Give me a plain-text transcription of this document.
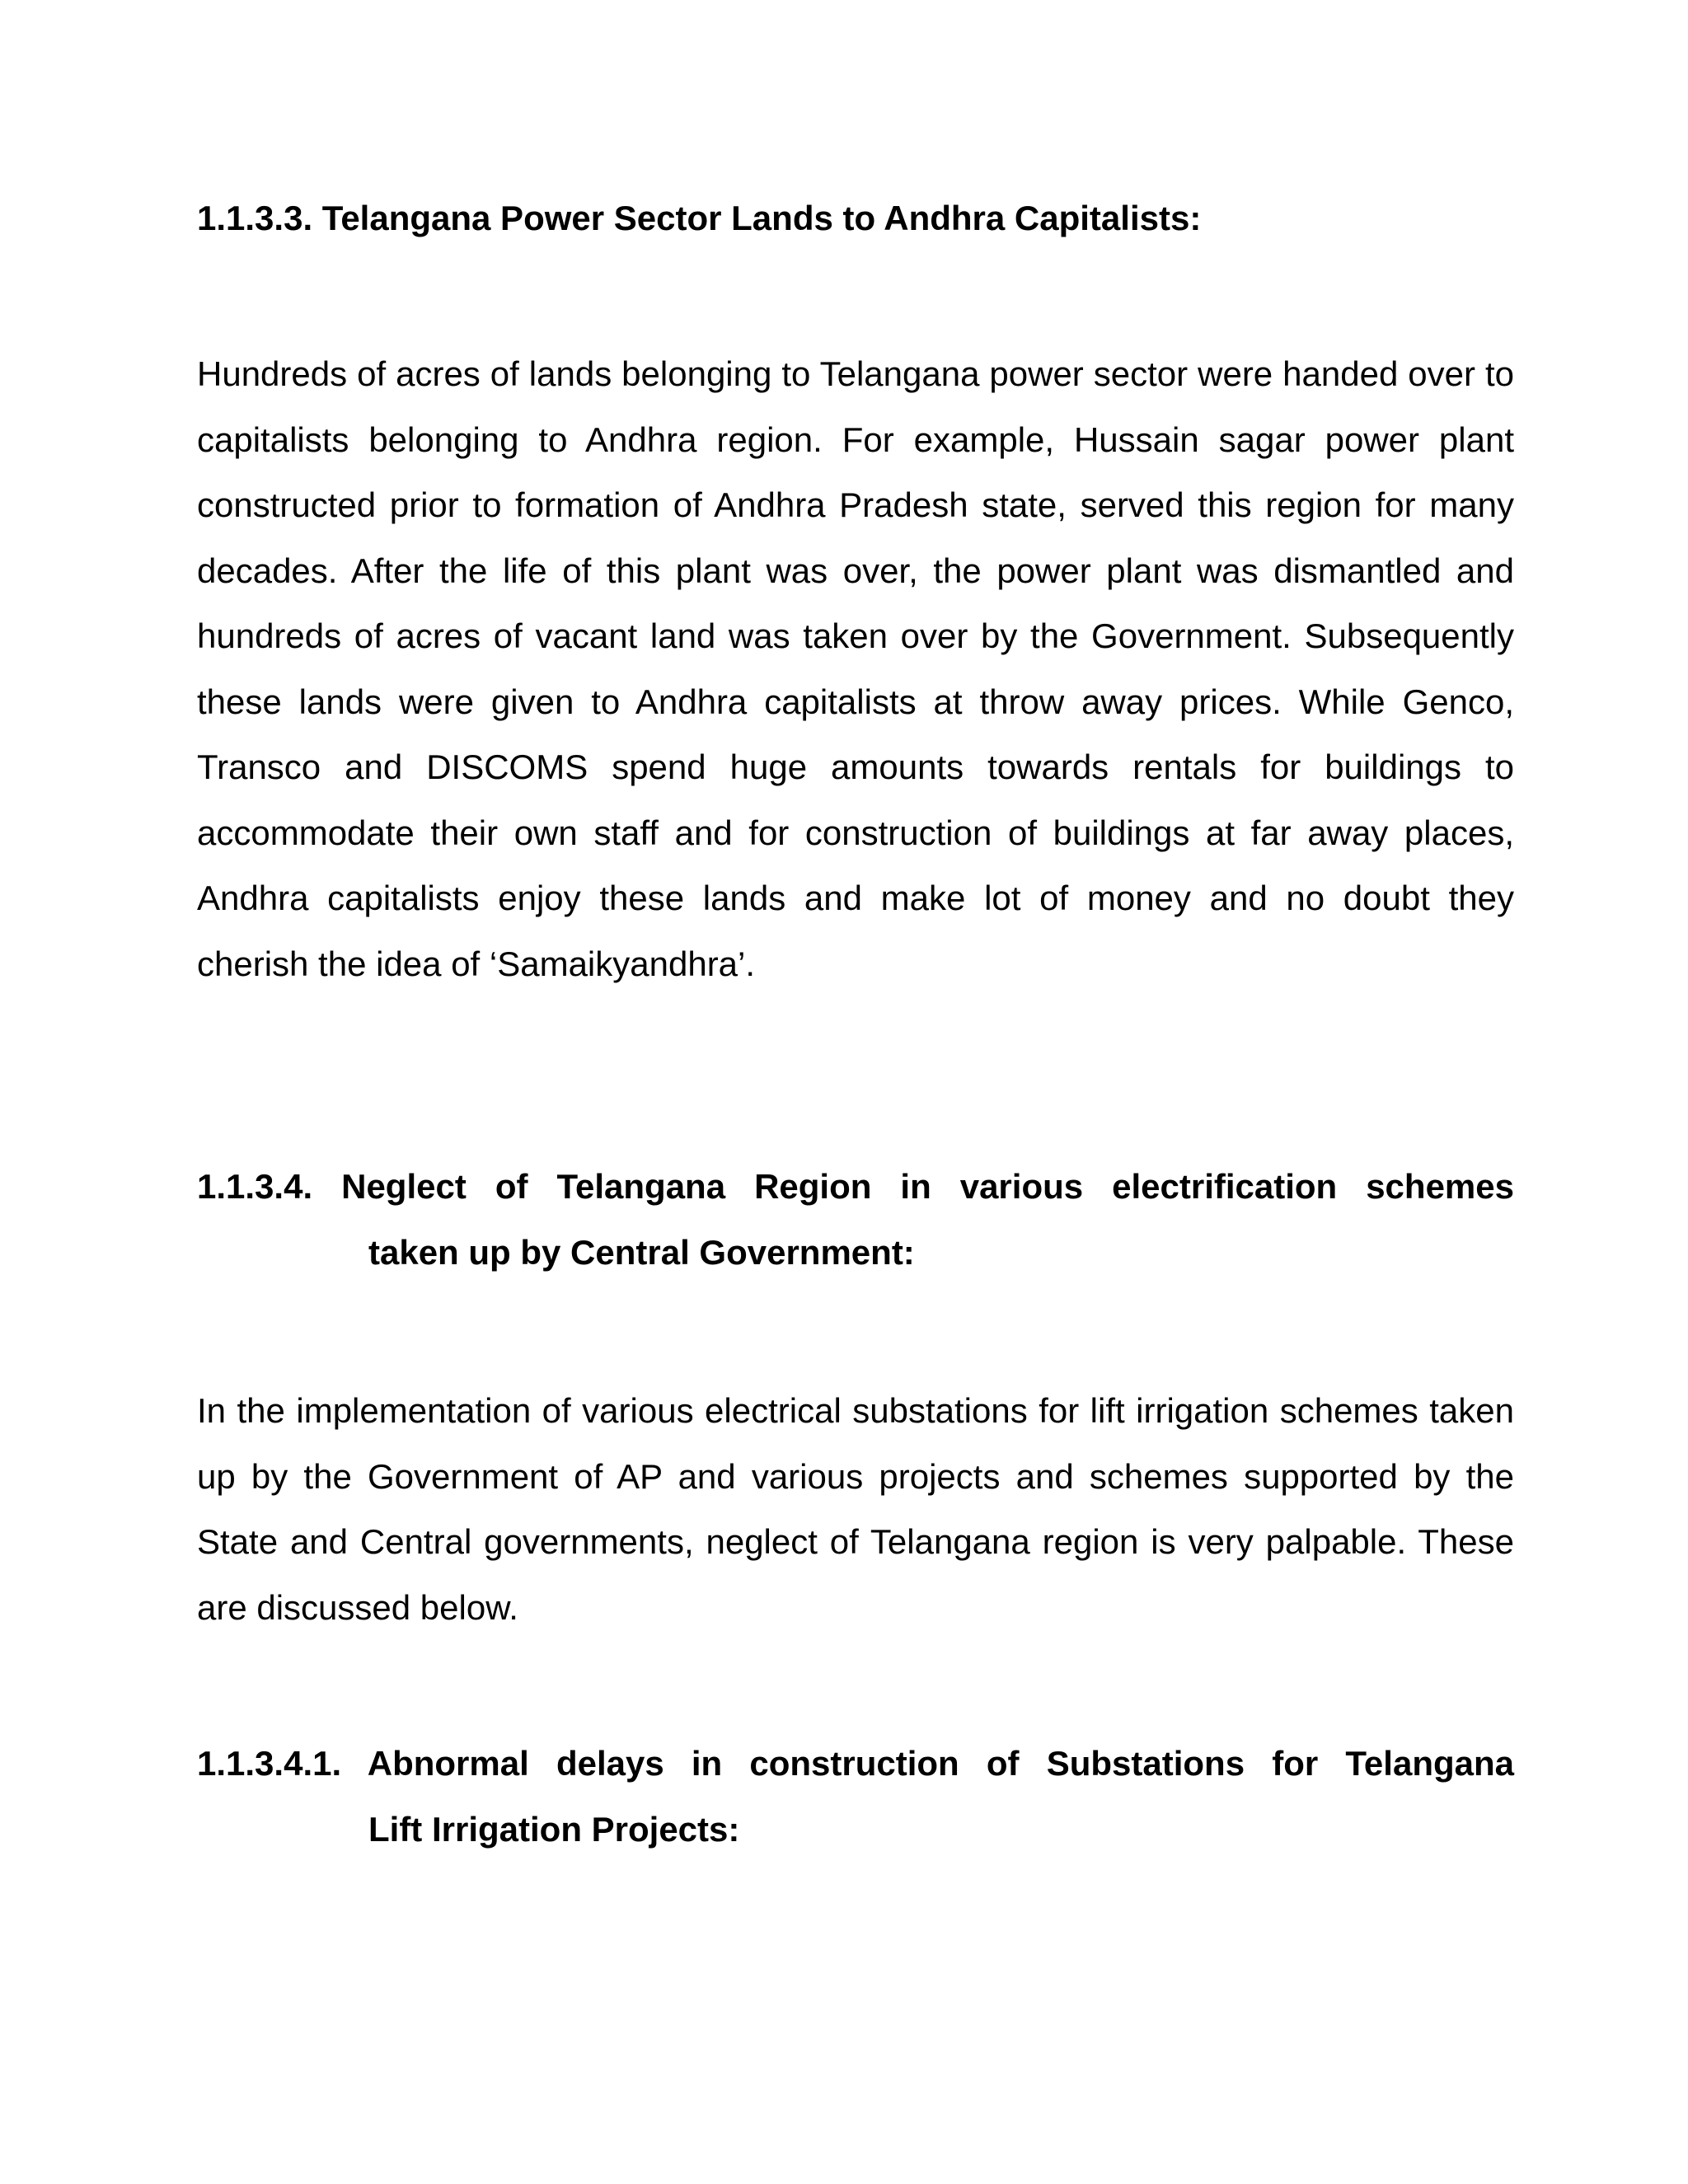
1.1.3.3. Telangana Power Sector Lands to Andhra Capitalists:

Hundreds of acres of lands belonging to Telangana power sector were handed over to capitalists belonging to Andhra region. For example, Hussain sagar power plant constructed prior to formation of Andhra Pradesh state, served this region for many decades. After the life of this plant was over, the power plant was dismantled and hundreds of acres of vacant land was taken over by the Government. Subsequently these lands were given to Andhra capitalists at throw away prices. While Genco, Transco and DISCOMS spend huge amounts towards rentals for buildings to accommodate their own staff and for construction of buildings at far away places, Andhra capitalists enjoy these lands and make lot of money and no doubt they cherish the idea of ‘Samaikyandhra’.

1.1.3.4. Neglect of Telangana Region in various electrification schemes
taken up by Central Government:

In the implementation of various electrical substations for lift irrigation schemes taken up by the Government of AP and various projects and schemes supported by the State and Central governments, neglect of Telangana region is very palpable. These are discussed below.

1.1.3.4.1. Abnormal delays in construction of Substations for Telangana
Lift Irrigation Projects:
